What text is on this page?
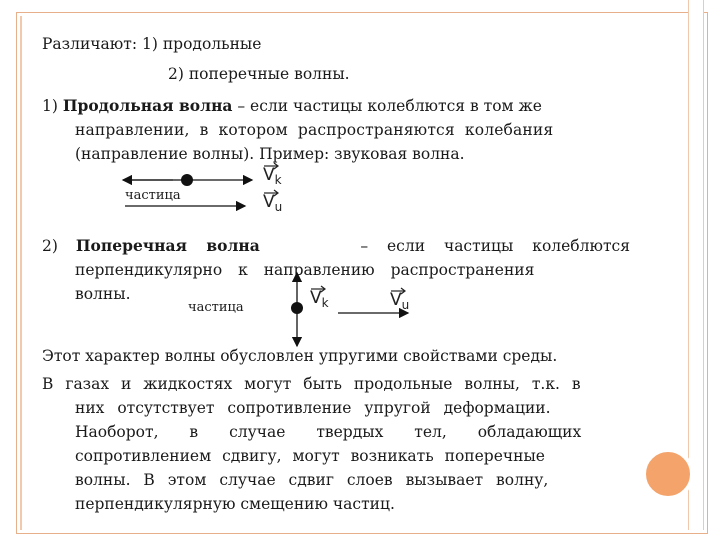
Различают: 1) продольные
2) поперечные волны.
1) Продольная волна – если частицы колеблются в том же
направлении, в котором распространяются колебания
(направление волны). Пример: звуковая волна.
частица
$V_k$
$V_u$
2) Поперечная волна	– если частицы колеблются
перпендикулярно к направлению распространения
волны.
частица	$V_k$	$V_u$
Этот характер волны обусловлен упругими свойствами среды.
В газах и жидкостях могут быть продольные волны, т.к. в
них отсутствует сопротивление упругой деформации.
Наоборот, в случае твердых тел, обладающих
сопротивлением сдвигу, могут возникать поперечные
волны. В этом случае сдвиг слоев вызывает волну,
перпендикулярную смещению частиц.
